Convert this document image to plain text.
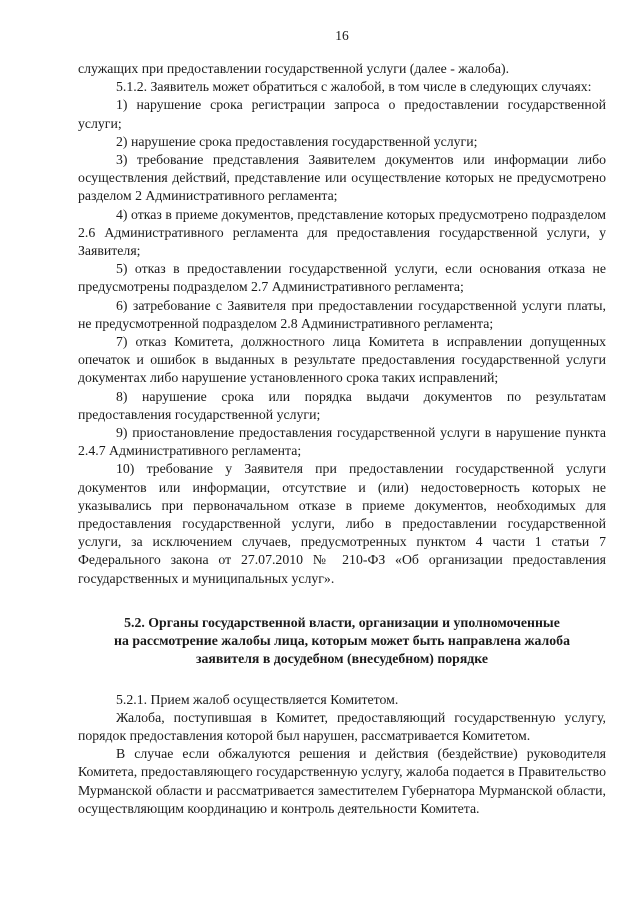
16

служащих при предоставлении государственной услуги (далее - жалоба).

5.1.2. Заявитель может обратиться с жалобой, в том числе в следующих случаях:

1) нарушение срока регистрации запроса о предоставлении государственной услуги;

2) нарушение срока предоставления государственной услуги;

3) требование представления Заявителем документов или информации либо осуществления действий, представление или осуществление которых не предусмотрено разделом 2 Административного регламента;

4) отказ в приеме документов, представление которых предусмотрено подразделом 2.6 Административного регламента для предоставления государственной услуги, у Заявителя;

5) отказ в предоставлении государственной услуги, если основания отказа не предусмотрены подразделом 2.7 Административного регламента;

6) затребование с Заявителя при предоставлении государственной услуги платы, не предусмотренной подразделом 2.8 Административного регламента;

7) отказ Комитета, должностного лица Комитета в исправлении допущенных опечаток и ошибок в выданных в результате предоставления государственной услуги документах либо нарушение установленного срока таких исправлений;

8) нарушение срока или порядка выдачи документов по результатам предоставления государственной услуги;

9) приостановление предоставления государственной услуги в нарушение пункта 2.4.7 Административного регламента;

10) требование у Заявителя при предоставлении государственной услуги документов или информации, отсутствие и (или) недостоверность которых не указывались при первоначальном отказе в приеме документов, необходимых для предоставления государственной услуги, либо в предоставлении государственной услуги, за исключением случаев, предусмотренных пунктом 4 части 1 статьи 7 Федерального закона от 27.07.2010 № 210-ФЗ «Об организации предоставления государственных и муниципальных услуг».

5.2. Органы государственной власти, организации и уполномоченные
на рассмотрение жалобы лица, которым может быть направлена жалоба
заявителя в досудебном (внесудебном) порядке

5.2.1. Прием жалоб осуществляется Комитетом.

Жалоба, поступившая в Комитет, предоставляющий государственную услугу, порядок предоставления которой был нарушен, рассматривается Комитетом.

В случае если обжалуются решения и действия (бездействие) руководителя Комитета, предоставляющего государственную услугу, жалоба подается в Правительство Мурманской области и рассматривается заместителем Губернатора Мурманской области, осуществляющим координацию и контроль деятельности Комитета.
